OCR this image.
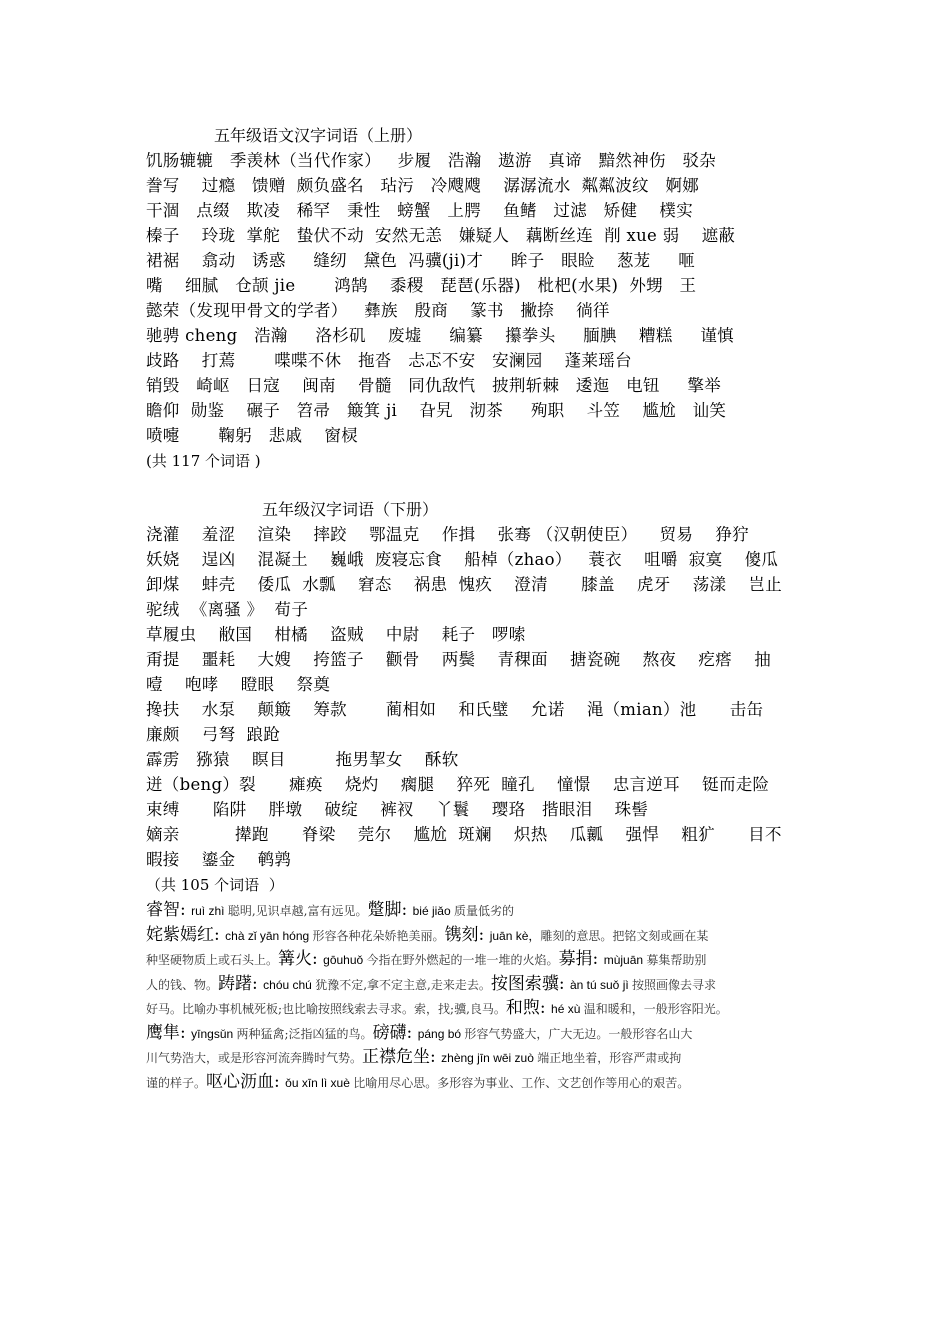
五年级语文汉字词语（上册）
饥肠辘辘   季羡林（当代作家）   步履   浩瀚   遨游   真谛   黯然神伤   驳杂
誊写    过瘾   馈赠  颇负盛名   玷污   冷飕飕    潺潺流水  粼粼波纹   婀娜
干涸   点缀   欺凌   稀罕   秉性   螃蟹   上腭    鱼鳍   过滤   矫健    樸实
榛子    玲珑  掌舵   蛰伏不动  安然无恙   嫌疑人   藕断丝连  削 xue 弱    遮蔽
裙裾    翕动   诱惑     缝纫   黛色  冯骥(ji)才     眸子   眼睑    葱茏     咂
嘴    细腻   仓颉 jie       鸿鹄    黍稷   琵琶(乐器)   枇杷(水果)  外甥   王
懿荣（发现甲骨文的学者）   彝族   殷商    篆书   撇捺    徜徉
驰骋 cheng   浩瀚     洛杉矶    废墟     编纂    攥拳头     腼腆    糟糕     谨慎
歧路    打蔫       喋喋不休   拖沓   忐忑不安   安澜园    蓬莱瑶台
销毁   崎岖   日寇    闽南    骨髓   同仇敌忾   披荆斩棘   逶迤   电钮     擎举
瞻仰  勋鉴    碾子   笤帚   簸箕 ji    旮旯   沏茶     殉职    斗笠    尴尬   讪笑
喷嚏       鞠躬   悲戚    窗棂
(共 117 个词语 )
五年级汉字词语（下册）
浇灌    羞涩    渲染    摔跤    鄂温克    作揖    张骞 （汉朝使臣）    贸易    狰狞
妖娆    逞凶    混凝土    巍峨  废寝忘食    船棹（zhao）   蓑衣    咀嚼  寂寞    傻瓜
卸煤    蚌壳    倭瓜  水瓢    窘态    祸患  愧疚    澄清      膝盖    虎牙    荡漾    岂止
驼绒  《离骚 》  荀子
草履虫    敝国    柑橘    盗贼    中尉    耗子   啰嗦
甭提    噩耗    大嫂    挎篮子    颧骨    两鬓    青稞面    搪瓷碗    熬夜    疙瘩    抽
噎    咆哮    瞪眼    祭奠
搀扶    水泵    颠簸    筹款       蔺相如    和氏璧    允诺    渑（mian）池      击缶
廉颇    弓弩  踉跄
霹雳   猕猿    瞑目         拖男挈女    酥软
迸（beng）裂      瘫痪    烧灼    瘸腿    猝死  瞳孔    憧憬    忠言逆耳    铤而走险
束缚      陷阱    胖墩    破绽    裤衩    丫鬟    璎珞   揩眼泪    珠髻
嫡亲          撵跑      脊梁    莞尔    尴尬  斑斓    炽热    瓜瓤    强悍    粗犷      目不
暇接    鎏金    鹌鹑
（共 105 个词语  ）
睿智: ruì zhì 聪明,见识卓越,富有远见。蹩脚: bié jiǎo 质量低劣的
姹紫嫣红: chà zǐ yān hóng 形容各种花朵娇艳美丽。镌刻: juān kè，雕刻的意思。把铭文刻或画在某
种坚硬物质上或石头上。篝火: gōuhuǒ 今指在野外燃起的一堆一堆的火焰。募捐: mùjuān 募集帮助别
人的钱、物。踌躇: chóu chú 犹豫不定,拿不定主意,走来走去。按图索骥: àn tú suǒ jì 按照画像去寻求
好马。比喻办事机械死板;也比喻按照线索去寻求。索，找;骥,良马。和煦: hé xù 温和暖和，一般形容阳光。
鹰隼: yīngsǔn 两种猛禽;泛指凶猛的鸟。磅礴: páng bó 形容气势盛大，广大无边。一般形容名山大
川气势浩大，或是形容河流奔腾时气势。正襟危坐: zhèng jīn wēi zuò 端正地坐着，形容严肃或拘
谨的样子。呕心沥血: ǒu xīn lì xuè 比喻用尽心思。多形容为事业、工作、文艺创作等用心的艰苦。
